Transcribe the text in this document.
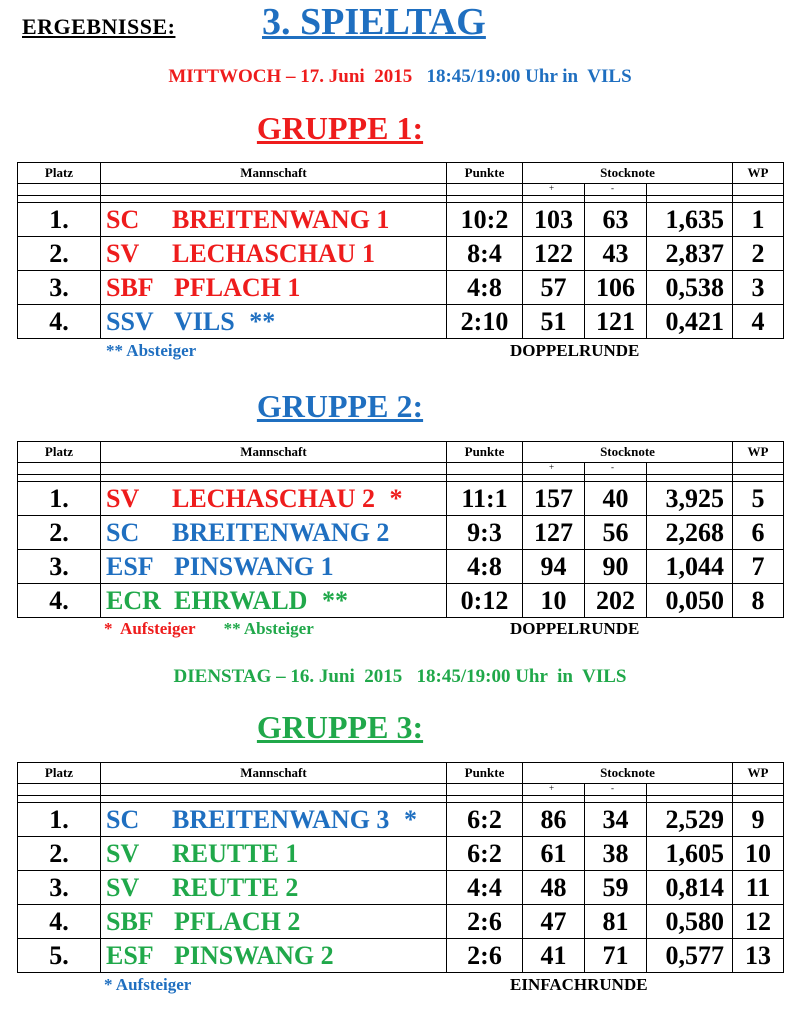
ERGEBNISSE: 3. SPIELTAG
MITTWOCH – 17. Juni  2015 18:45/19:00 Uhr in  VILS
GRUPPE 1:
Platz	Mannschaft	Punkte	Stocknote			WP
			+	-		

1.	SC BREITENWANG 1	10:2	103	63	1,635	1
2.	SV LECHASCHAU 1	8:4	122	43	2,837	2
3.	SBF PFLACH 1	4:8	57	106	0,538	3
4.	SSV VILS **	2:10	51	121	0,421	4
** Absteiger	DOPPELRUNDE
GRUPPE 2:
Platz	Mannschaft	Punkte	Stocknote			WP
			+	-		

1.	SV LECHASCHAU 2 *	11:1	157	40	3,925	5
2.	SC BREITENWANG 2	9:3	127	56	2,268	6
3.	ESF PINSWANG 1	4:8	94	90	1,044	7
4.	ECR EHRWALD **	0:12	10	202	0,050	8
*  Aufsteiger ** Absteiger	DOPPELRUNDE
DIENSTAG – 16. Juni  2015   18:45/19:00 Uhr  in  VILS
GRUPPE 3:
Platz	Mannschaft	Punkte	Stocknote			WP
			+	-		

1.	SC BREITENWANG 3 *	6:2	86	34	2,529	9
2.	SV REUTTE 1	6:2	61	38	1,605	10
3.	SV REUTTE 2	4:4	48	59	0,814	11
4.	SBF PFLACH 2	2:6	47	81	0,580	12
5.	ESF PINSWANG 2	2:6	41	71	0,577	13
* Aufsteiger	EINFACHRUNDE
